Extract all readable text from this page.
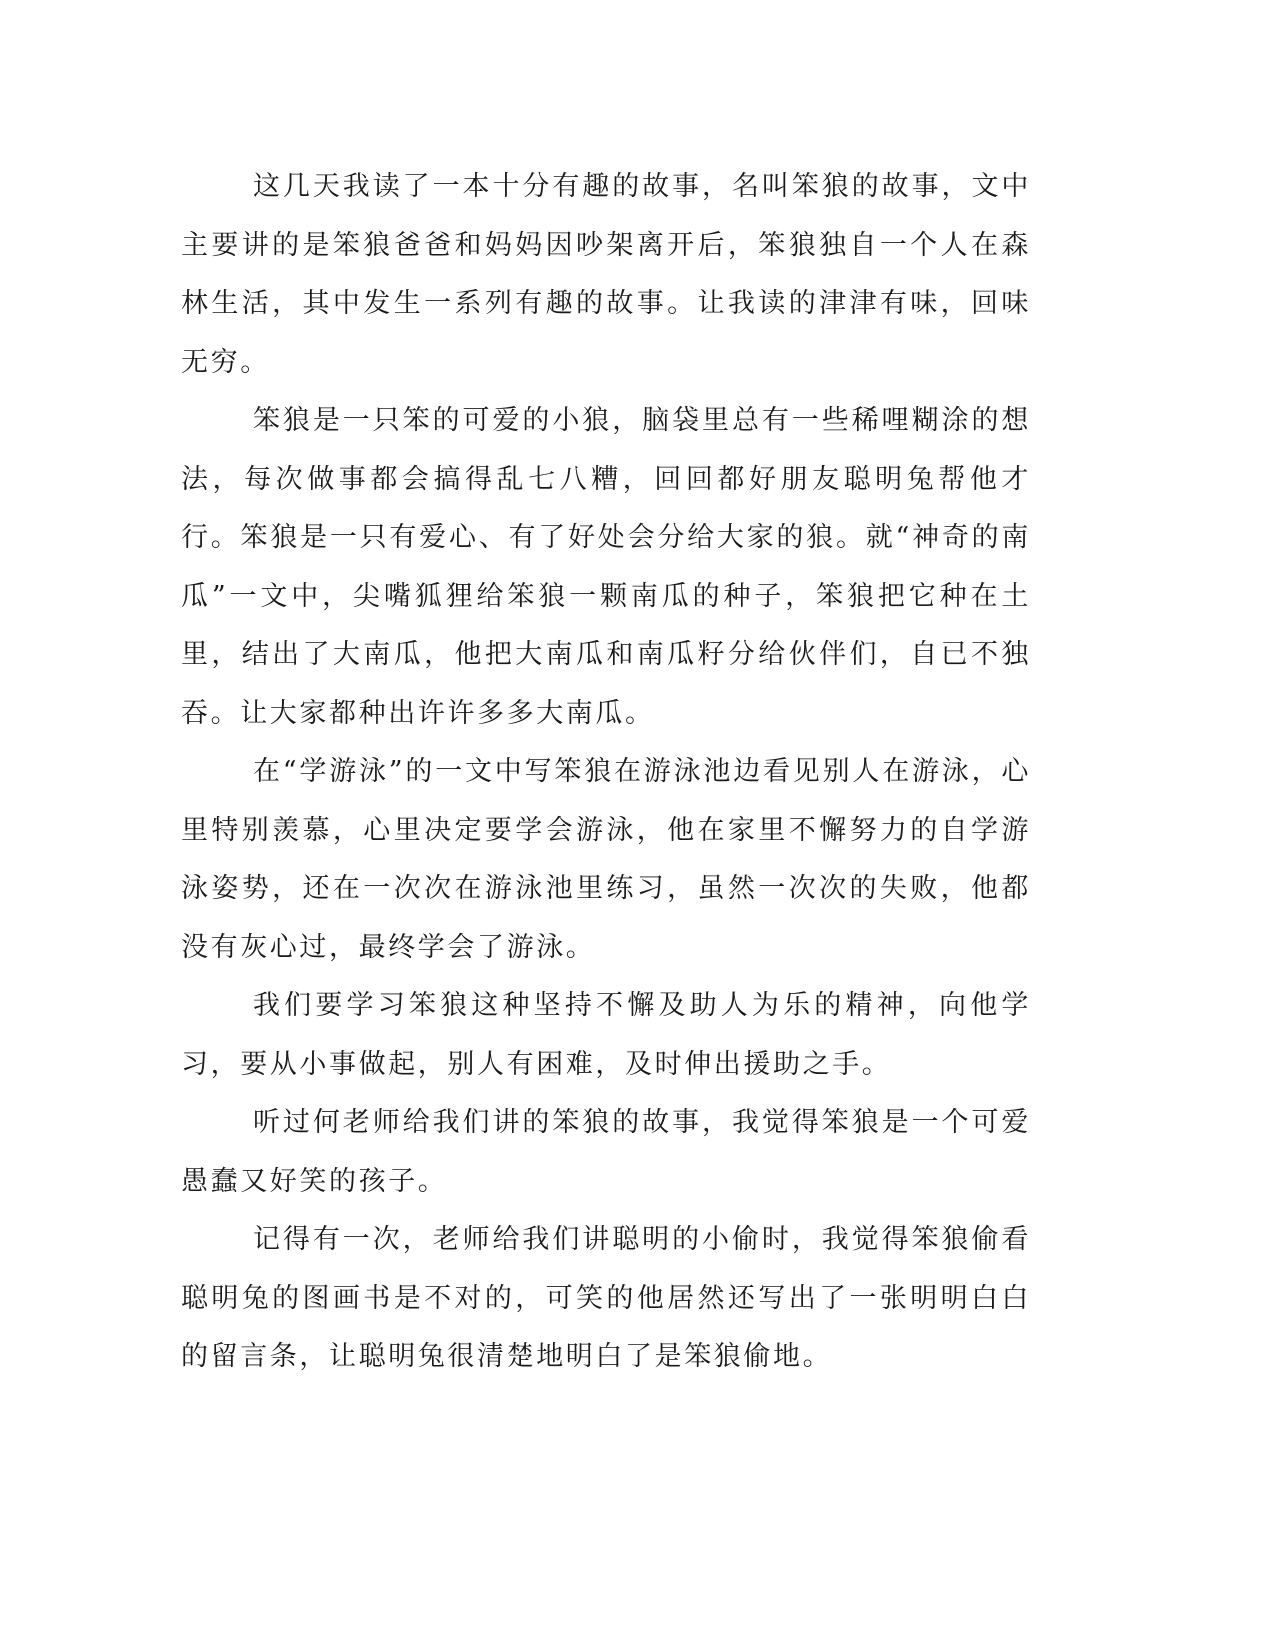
这几天我读了一本十分有趣的故事，名叫笨狼的故事，文中主要讲的是笨狼爸爸和妈妈因吵架离开后，笨狼独自一个人在森林生活，其中发生一系列有趣的故事。让我读的津津有味，回味无穷。

笨狼是一只笨的可爱的小狼，脑袋里总有一些稀哩糊涂的想法，每次做事都会搞得乱七八糟，回回都好朋友聪明兔帮他才行。笨狼是一只有爱心、有了好处会分给大家的狼。就“神奇的南瓜”一文中，尖嘴狐狸给笨狼一颗南瓜的种子，笨狼把它种在土里，结出了大南瓜，他把大南瓜和南瓜籽分给伙伴们，自已不独吞。让大家都种出许许多多大南瓜。

在“学游泳”的一文中写笨狼在游泳池边看见别人在游泳，心里特别羡慕，心里决定要学会游泳，他在家里不懈努力的自学游泳姿势，还在一次次在游泳池里练习，虽然一次次的失败，他都没有灰心过，最终学会了游泳。

我们要学习笨狼这种坚持不懈及助人为乐的精神，向他学习，要从小事做起，别人有困难，及时伸出援助之手。

听过何老师给我们讲的笨狼的故事，我觉得笨狼是一个可爱愚蠢又好笑的孩子。

记得有一次，老师给我们讲聪明的小偷时，我觉得笨狼偷看聪明兔的图画书是不对的，可笑的他居然还写出了一张明明白白的留言条，让聪明兔很清楚地明白了是笨狼偷地。
